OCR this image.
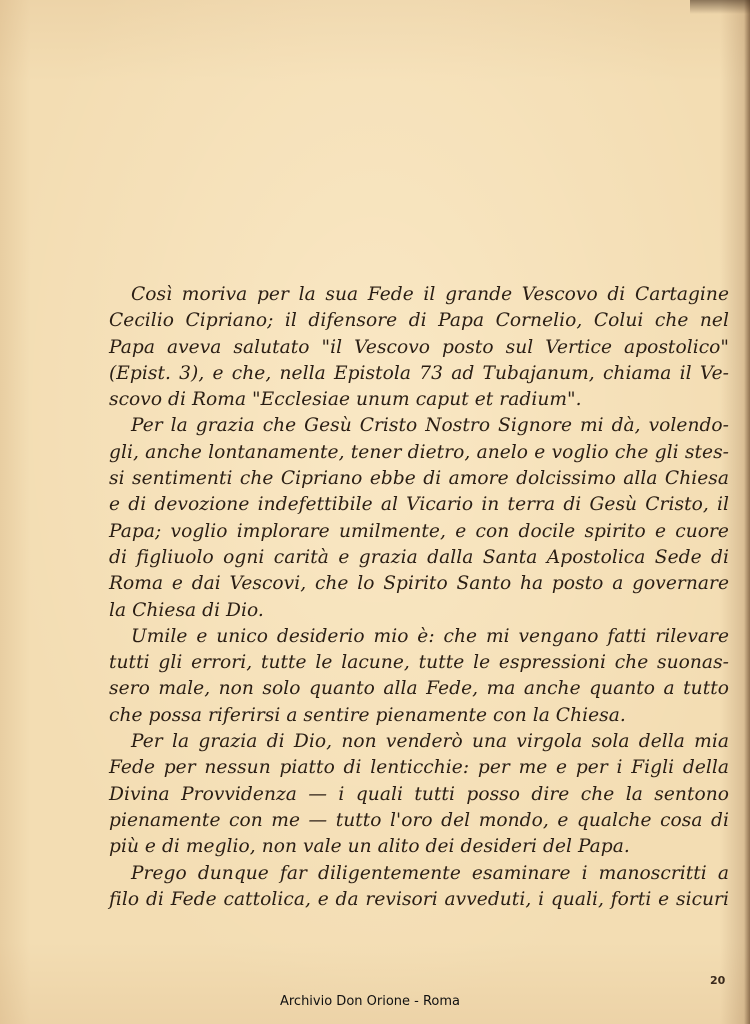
Così moriva per la sua Fede il grande Vescovo di Cartagine
Cecilio Cipriano; il difensore di Papa Cornelio, Colui che nel
Papa aveva salutato "il Vescovo posto sul Vertice apostolico"
(Epist. 3), e che, nella Epistola 73 ad Tubajanum, chiama il Ve-
scovo di Roma "Ecclesiae unum caput et radium".
Per la grazia che Gesù Cristo Nostro Signore mi dà, volendo-
gli, anche lontanamente, tener dietro, anelo e voglio che gli stes-
si sentimenti che Cipriano ebbe di amore dolcissimo alla Chiesa
e di devozione indefettibile al Vicario in terra di Gesù Cristo, il
Papa; voglio implorare umilmente, e con docile spirito e cuore
di figliuolo ogni carità e grazia dalla Santa Apostolica Sede di
Roma e dai Vescovi, che lo Spirito Santo ha posto a governare
la Chiesa di Dio.
Umile e unico desiderio mio è: che mi vengano fatti rilevare
tutti gli errori, tutte le lacune, tutte le espressioni che suonas-
sero male, non solo quanto alla Fede, ma anche quanto a tutto
che possa riferirsi a sentire pienamente con la Chiesa.
Per la grazia di Dio, non venderò una virgola sola della mia
Fede per nessun piatto di lenticchie: per me e per i Figli della
Divina Provvidenza — i quali tutti posso dire che la sentono
pienamente con me — tutto l'oro del mondo, e qualche cosa di
più e di meglio, non vale un alito dei desideri del Papa.
Prego dunque far diligentemente esaminare i manoscritti a
filo di Fede cattolica, e da revisori avveduti, i quali, forti e sicuri
20
Archivio Don Orione - Roma
